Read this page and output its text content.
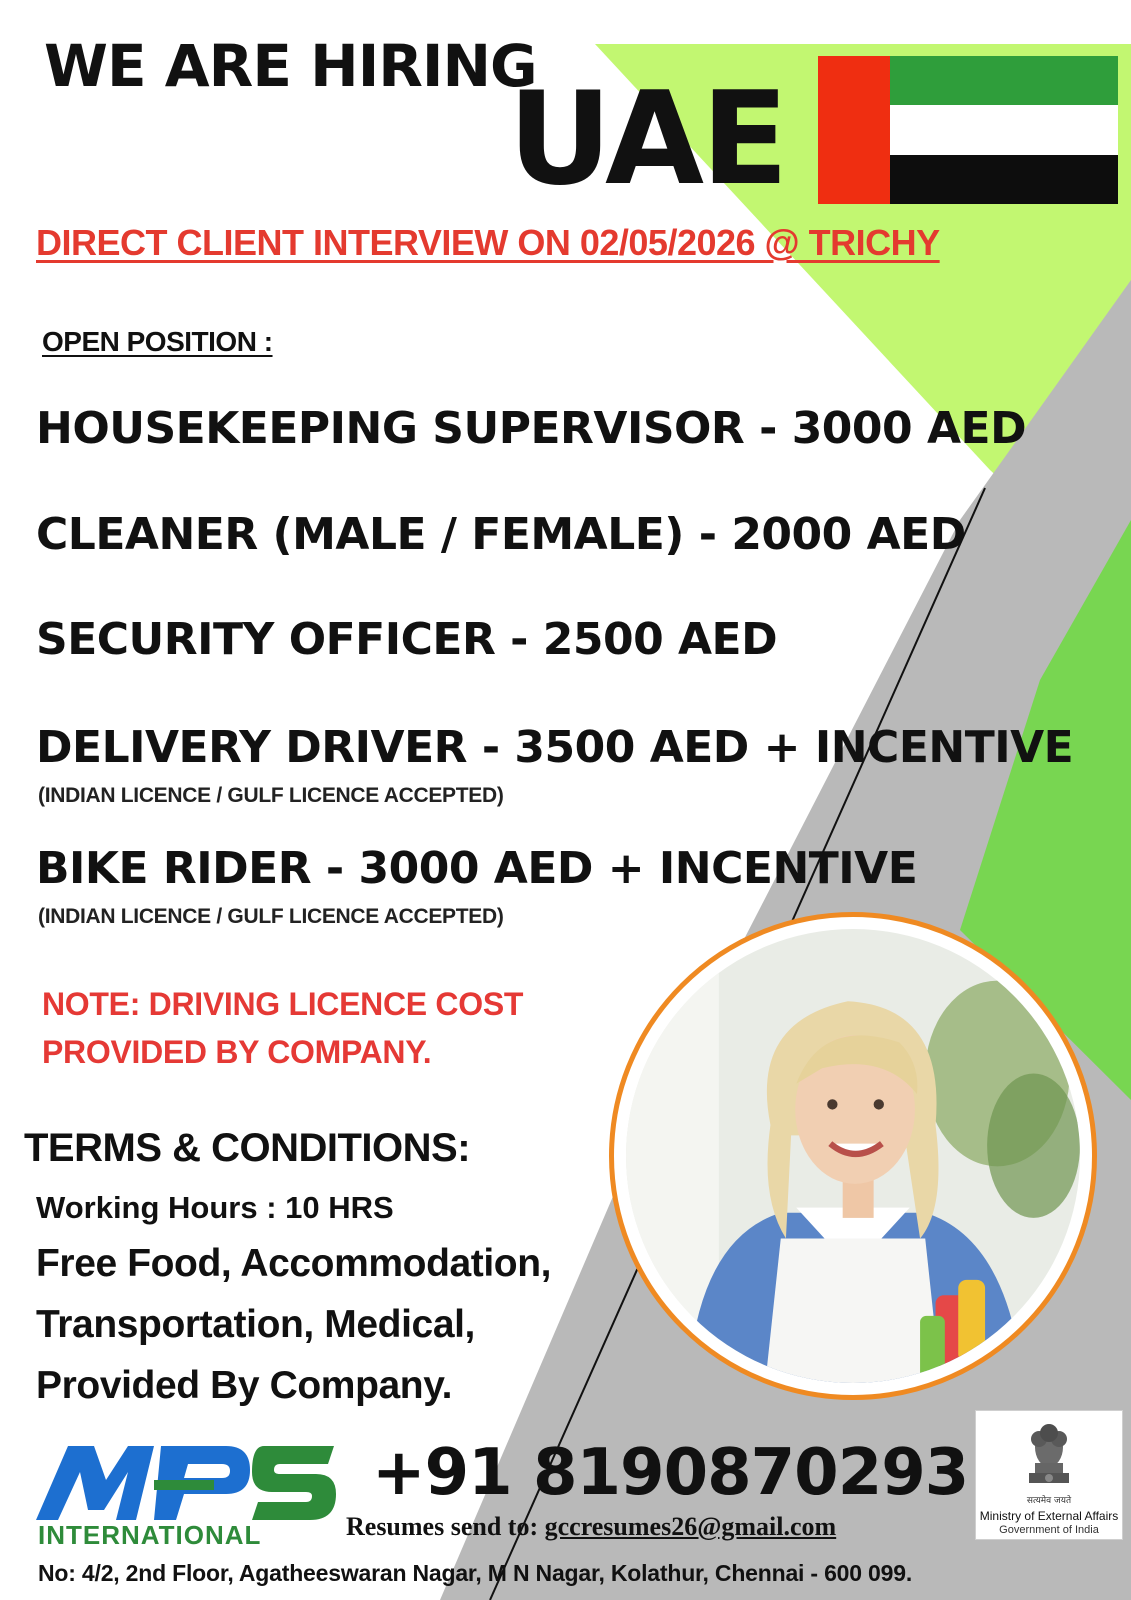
WE ARE HIRING
UAE
DIRECT CLIENT INTERVIEW ON 02/05/2026 @ TRICHY
OPEN POSITION :
HOUSEKEEPING SUPERVISOR - 3000 AED
CLEANER (MALE / FEMALE) - 2000 AED
SECURITY OFFICER - 2500 AED
DELIVERY DRIVER - 3500 AED + INCENTIVE
(INDIAN LICENCE / GULF LICENCE ACCEPTED)
BIKE RIDER - 3000 AED + INCENTIVE
(INDIAN LICENCE / GULF LICENCE ACCEPTED)
NOTE: DRIVING LICENCE COST
PROVIDED BY COMPANY.
TERMS & CONDITIONS:
Working Hours : 10 HRS
Free Food, Accommodation,
Transportation, Medical,
Provided By Company.
INTERNATIONAL
+91 8190870293
Resumes send to: gccresumes26@gmail.com
सत्यमेव जयते
Ministry of External Affairs
Government of India
No: 4/2, 2nd Floor, Agatheeswaran Nagar, M N Nagar, Kolathur, Chennai - 600 099.
